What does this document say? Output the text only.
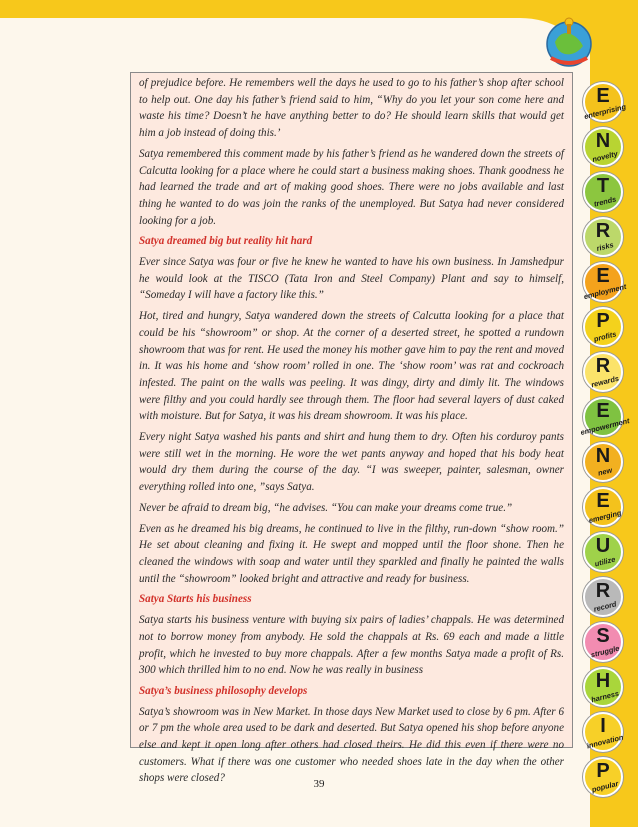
of prejudice before. He remembers well the days he used to go to his father’s shop after school to help out. One day his father’s friend said to him, “Why do you let your son come here and waste his time? Doesn’t he have anything better to do? He should learn skills that would get him a job instead of doing this.’

Satya remembered this comment made by his father’s friend as he wandered down the streets of Calcutta looking for a place where he could start a business making shoes. Thank goodness he had learned the trade and art of making good shoes. There were no jobs available and last thing he wanted to do was join the ranks of the unemployed. But Satya had never considered looking for a job.

Satya dreamed big but reality hit hard

Ever since Satya was four or five he knew he wanted to have his own business. In Jamshedpur he would look at the TISCO (Tata Iron and Steel Company) Plant and say to himself, “Someday I will have a factory like this.”

Hot, tired and hungry, Satya wandered down the streets of Calcutta looking for a place that could be his “showroom” or shop. At the corner of a deserted street, he spotted a rundown showroom that was for rent. He used the money his mother gave him to pay the rent and moved in. It was his home and ‘show room’ rolled in one. The ‘show room’ was rat and cockroach infested. The paint on the walls was peeling. It was dingy, dirty and dimly lit. The windows were filthy and you could hardly see through them. The floor had several layers of dust caked with moisture. But for Satya, it was his dream showroom. It was his place.

Every night Satya washed his pants and shirt and hung them to dry. Often his corduroy pants were still wet in the morning. He wore the wet pants anyway and hoped that his body heat would dry them during the course of the day. “I was sweeper, painter, salesman, owner everything rolled into one, ”says Satya.

Never be afraid to dream big, “he advises. “You can make your dreams come true.”

Even as he dreamed his big dreams, he continued to live in the filthy, run-down “show room.” He set about cleaning and fixing it. He swept and mopped until the floor shone. Then he cleaned the windows with soap and water until they sparkled and finally he painted the walls until the “showroom” looked bright and attractive and ready for business.

Satya Starts his business

Satya starts his business venture with buying six pairs of ladies’ chappals. He was determined not to borrow money from anybody. He sold the chappals at Rs. 69 each and made a little profit, which he invested to buy more chappals. After a few months Satya made a profit of Rs. 300 which thrilled him to no end. Now he was really in business

Satya’s business philosophy develops

Satya’s showroom was in New Market. In those days New Market used to close by 6 pm. After 6 or 7 pm the whole area used to be dark and deserted. But Satya opened his shop before anyone else and kept it open long after others had closed theirs. He did this even if there were no customers. What if there was one customer who needed shoes late in the day when the other shops were closed?	39
E
enterprising
N
novelty
T
trends
R
risks
E
employment
P
profits
R
rewards
E
empowerment
N
new
E
emerging
U
utilize
R
record
S
struggle
H
harness
I
innovation
P
popular
